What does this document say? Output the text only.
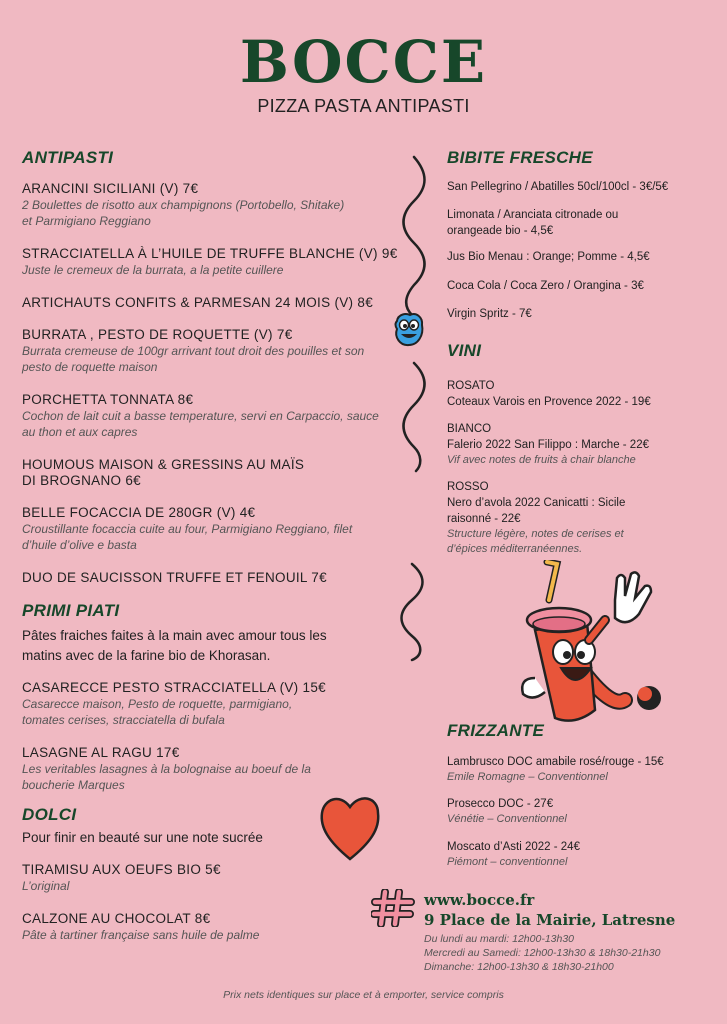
BOCCE
PIZZA PASTA ANTIPASTI
ANTIPASTI
ARANCINI SICILIANI (V) 7€
2 Boulettes de risotto aux champignons (Portobello, Shitake) et Parmigiano Reggiano
STRACCIATELLA À L’HUILE DE TRUFFE BLANCHE (V) 9€
Juste le cremeux de la burrata, a la petite cuillere
ARTICHAUTS CONFITS & PARMESAN 24 MOIS (V) 8€
BURRATA , PESTO DE ROQUETTE (V) 7€
Burrata cremeuse de 100gr arrivant tout droit des pouilles et son pesto de roquette maison
PORCHETTA TONNATA 8€
Cochon de lait cuit a basse temperature, servi en Carpaccio, sauce au thon et aux capres
HOUMOUS MAISON & GRESSINS AU MAÏS DI BROGNANO 6€
BELLE FOCACCIA DE 280GR (V) 4€
Croustillante focaccia cuite au four, Parmigiano Reggiano, filet d’huile d’olive e basta
DUO DE SAUCISSON TRUFFE ET FENOUIL 7€
PRIMI PIATI
Pâtes fraiches faites à la main avec amour tous les matins avec de la farine bio de Khorasan.
CASARECCE PESTO STRACCIATELLA (V) 15€
Casarecce maison, Pesto de roquette, parmigiano, tomates cerises, stracciatella di bufala
LASAGNE AL RAGU 17€
Les veritables lasagnes à la bolognaise au boeuf de la boucherie Marques
DOLCI
Pour finir en beauté sur une note sucrée
TIRAMISU AUX OEUFS BIO 5€
L’original
CALZONE AU CHOCOLAT 8€
Pâte à tartiner française sans huile de palme
BIBITE FRESCHE
San Pellegrino / Abatilles 50cl/100cl - 3€/5€
Limonata / Aranciata citronade ou orangeade bio - 4,5€
Jus Bio Menau : Orange; Pomme - 4,5€
Coca Cola / Coca Zero / Orangina - 3€
Virgin Spritz - 7€
VINI
ROSATO
Coteaux Varois en Provence 2022 - 19€
BIANCO
Falerio 2022 San Filippo : Marche - 22€
Vif avec notes de fruits à chair blanche
ROSSO
Nero d’avola 2022 Canicatti : Sicile raisonné - 22€
Structure légère, notes de cerises et d’épices méditerranéennes.
FRIZZANTE
Lambrusco DOC amabile rosé/rouge - 15€
Emile Romagne – Conventionnel
Prosecco DOC - 27€
Vénétie – Conventionnel
Moscato d’Asti 2022 - 24€
Piémont – conventionnel
www.bocce.fr
9 Place de la Mairie, Latresne
Du lundi au mardi: 12h00-13h30
Mercredi au Samedi: 12h00-13h30 & 18h30-21h30
Dimanche: 12h00-13h30 & 18h30-21h00
Prix nets identiques sur place et à emporter, service compris
